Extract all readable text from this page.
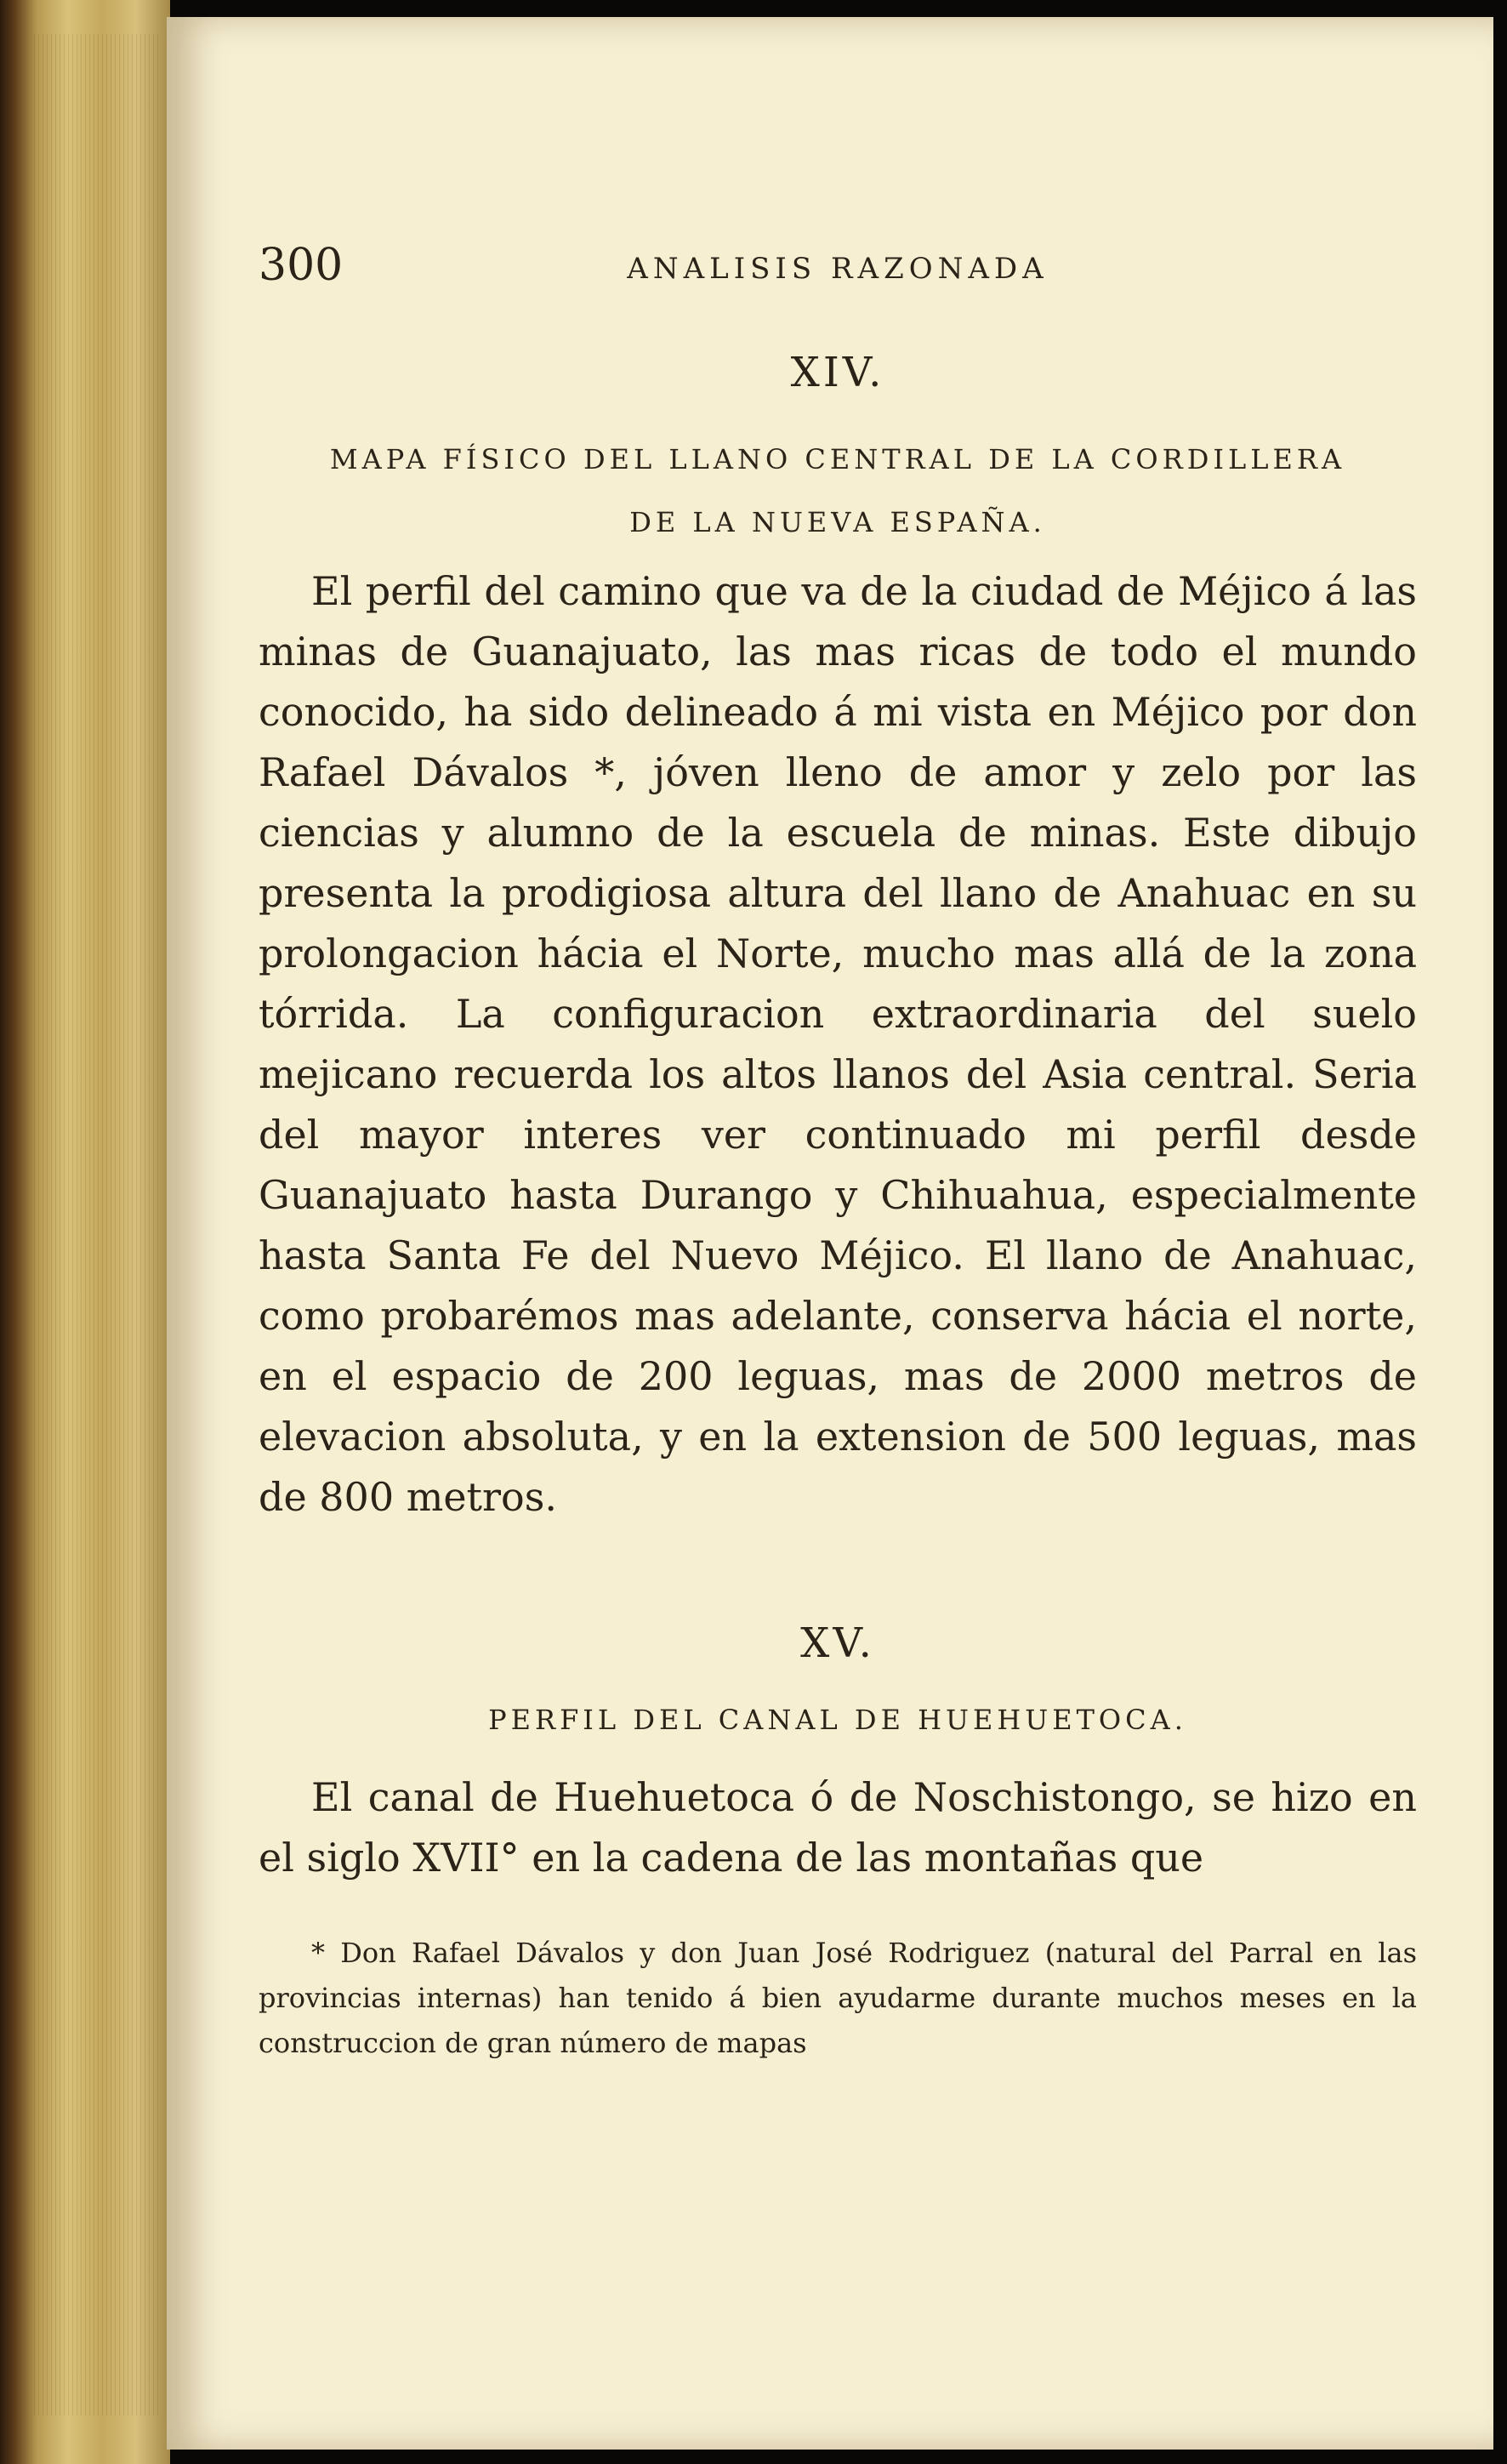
300	ANALISIS RAZONADA
XIV.
MAPA FÍSICO DEL LLANO CENTRAL DE LA CORDILLERA
DE LA NUEVA ESPAÑA.

El perfil del camino que va de la ciudad de Méjico á las minas de Guanajuato, las mas ricas de todo el mundo conocido, ha sido delineado á mi vista en Méjico por don Rafael Dávalos *, jóven lleno de amor y zelo por las ciencias y alumno de la escuela de minas. Este dibujo presenta la prodigiosa altura del llano de Anahuac en su prolongacion hácia el Norte, mucho mas allá de la zona tórrida. La configuracion extraordinaria del suelo mejicano recuerda los altos llanos del Asia central. Seria del mayor interes ver continuado mi perfil desde Guanajuato hasta Durango y Chihuahua, especialmente hasta Santa Fe del Nuevo Méjico. El llano de Anahuac, como probarémos mas adelante, conserva hácia el norte, en el espacio de 200 leguas, mas de 2000 metros de elevacion absoluta, y en la extension de 500 leguas, mas de 800 metros.

XV.
PERFIL DEL CANAL DE HUEHUETOCA.

El canal de Huehuetoca ó de Noschistongo, se hizo en el siglo XVII° en la cadena de las montañas que

* Don Rafael Dávalos y don Juan José Rodriguez (natural del Parral en las provincias internas) han tenido á bien ayudarme durante muchos meses en la construccion de gran número de mapas
